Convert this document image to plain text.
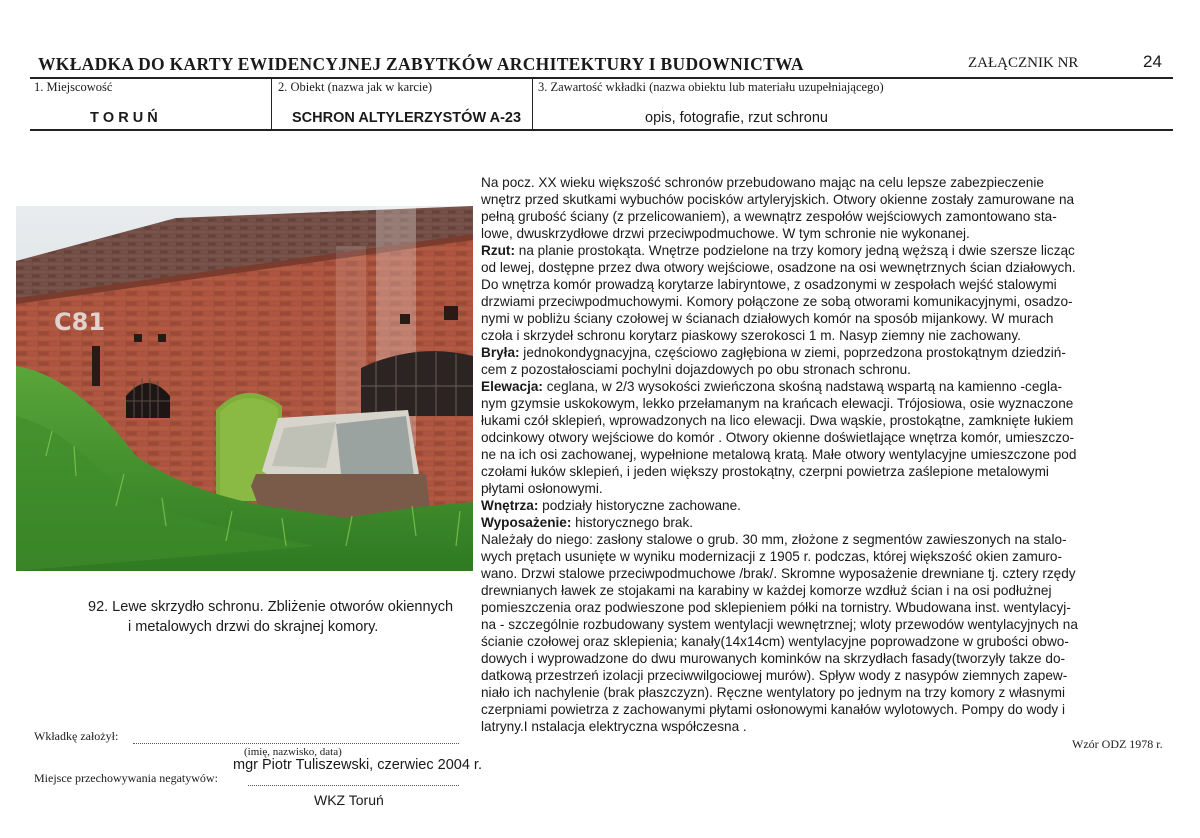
WKŁADKA DO KARTY EWIDENCYJNEJ ZABYTKÓW ARCHITEKTURY I BUDOWNICTWA	ZAŁĄCZNIK NR	24
1. Miejscowość
T O R U Ń
2. Obiekt (nazwa jak w karcie)
SCHRON ALTYLERZYSTÓW A-23
3. Zawartość wkładki (nazwa obiektu lub materiału uzupełniającego)
opis, fotografie, rzut schronu
C81
92. Lewe skrzydło schronu. Zbliżenie otworów okiennych
i metalowych drzwi do skrajnej komory.
Na pocz. XX wieku większość schronów przebudowano mając na celu lepsze zabezpieczenie
wnętrz przed skutkami wybuchów pocisków artyleryjskich. Otwory okienne zostały zamurowane na
pełną grubość ściany (z przelicowaniem), a wewnątrz zespołów wejściowych zamontowano sta-
lowe, dwuskrzydłowe drzwi przeciwpodmuchowe. W tym schronie nie wykonanej.
Rzut: na planie prostokąta. Wnętrze podzielone na trzy komory jedną węższą i dwie szersze licząc
od lewej, dostępne przez dwa otwory wejściowe, osadzone na osi wewnętrznych ścian działowych.
Do wnętrza komór prowadzą korytarze labiryntowe, z osadzonymi w zespołach wejść stalowymi
drzwiami przeciwpodmuchowymi. Komory połączone ze sobą otworami komunikacyjnymi, osadzo-
nymi w pobliżu ściany czołowej w ścianach działowych komór na sposób mijankowy. W murach
czoła i skrzydeł schronu korytarz piaskowy szerokosci 1 m. Nasyp ziemny nie zachowany.
Bryła: jednokondygnacyjna, częściowo zagłębiona w ziemi, poprzedzona prostokątnym dziedziń-
cem z pozostałosciami pochylni dojazdowych po obu stronach schronu.
Elewacja: ceglana, w 2/3 wysokości zwieńczona skośną nadstawą wspartą na kamienno -cegla-
nym gzymsie uskokowym, lekko przełamanym na krańcach elewacji. Trójosiowa, osie wyznaczone
łukami czół sklepień, wprowadzonych na lico elewacji. Dwa wąskie, prostokątne, zamknięte łukiem
odcinkowy otwory wejściowe do komór . Otwory okienne doświetlające wnętrza komór, umieszczo-
ne na ich osi zachowanej, wypełnione metalową kratą. Małe otwory wentylacyjne umieszczone pod
czołami łuków sklepień, i jeden większy prostokątny, czerpni powietrza zaślepione metalowymi
płytami osłonowymi.
Wnętrza: podziały historyczne zachowane.
Wyposażenie: historycznego brak.
Należały do niego: zasłony stalowe o grub. 30 mm, złożone z segmentów zawieszonych na stalo-
wych prętach usunięte w wyniku modernizacji z 1905 r. podczas, której większość okien zamuro-
wano. Drzwi stalowe przeciwpodmuchowe /brak/. Skromne wyposażenie drewniane tj. cztery rzędy
drewnianych ławek ze stojakami na karabiny w każdej komorze wzdłuż ścian i na osi podłużnej
pomieszczenia oraz podwieszone pod sklepieniem półki na tornistry. Wbudowana inst. wentylacyj-
na - szczególnie rozbudowany system wentylacji wewnętrznej; wloty przewodów wentylacyjnych na
ścianie czołowej oraz sklepienia; kanały(14x14cm) wentylacyjne poprowadzone w grubości obwo-
dowych i wyprowadzone do dwu murowanych kominków na skrzydłach fasady(tworzyły takze do-
datkową przestrzeń izolacji przeciwwilgociowej murów). Spływ wody z nasypów ziemnych zapew-
niało ich nachylenie (brak płaszczyzn). Ręczne wentylatory po jednym na trzy komory z własnymi
czerpniami powietrza z zachowanymi płytami osłonowymi kanałów wylotowych. Pompy do wody i
latryny.I nstalacja elektryczna współczesna .
Wkładkę założył:
(imię, nazwisko, data)
mgr Piotr Tuliszewski, czerwiec 2004 r.
Miejsce przechowywania negatywów:
WKZ Toruń
Wzór ODZ 1978 r.
